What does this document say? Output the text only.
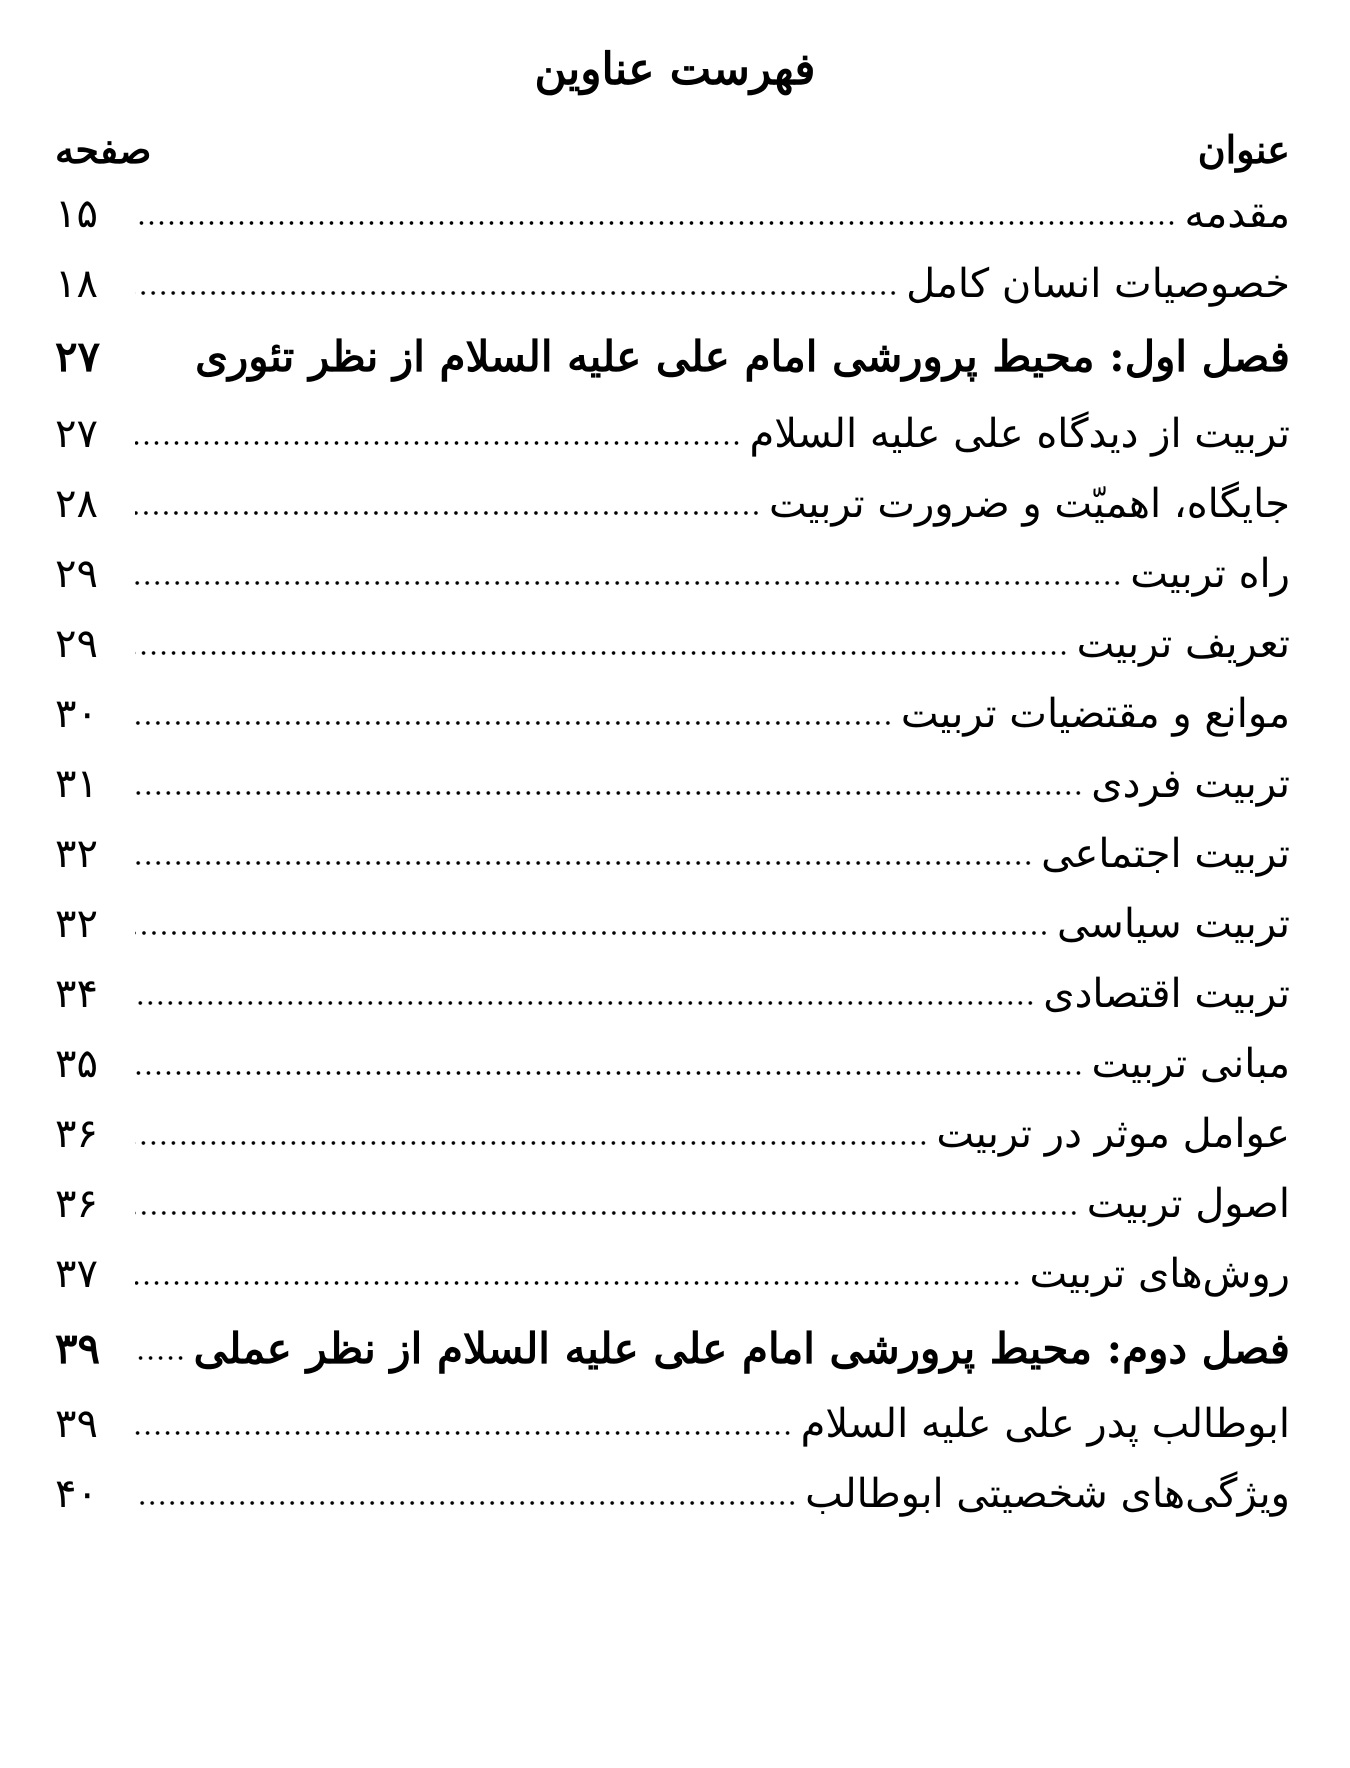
فهرست عناوین
عنوان
صفحه
مقدمه
۱۵
خصوصیات انسان کامل
۱۸
فصل اول: محیط پرورشی امام علی علیه السلام از نظر تئوری
۲۷
تربیت از دیدگاه علی علیه السلام
۲۷
جایگاه، اهمیّت و ضرورت تربیت
۲۸
راه تربیت
۲۹
تعریف تربیت
۲۹
موانع و مقتضیات تربیت
۳۰
تربیت فردی
۳۱
تربیت اجتماعی
۳۲
تربیت سیاسی
۳۲
تربیت اقتصادی
۳۴
مبانی تربیت
۳۵
عوامل موثر در تربیت
۳۶
اصول تربیت
۳۶
روش‌های تربیت
۳۷
فصل دوم: محیط پرورشی امام علی علیه السلام از نظر عملی
۳۹
ابوطالب پدر علی علیه السلام
۳۹
ویژگی‌های شخصیتی ابوطالب
۴۰
